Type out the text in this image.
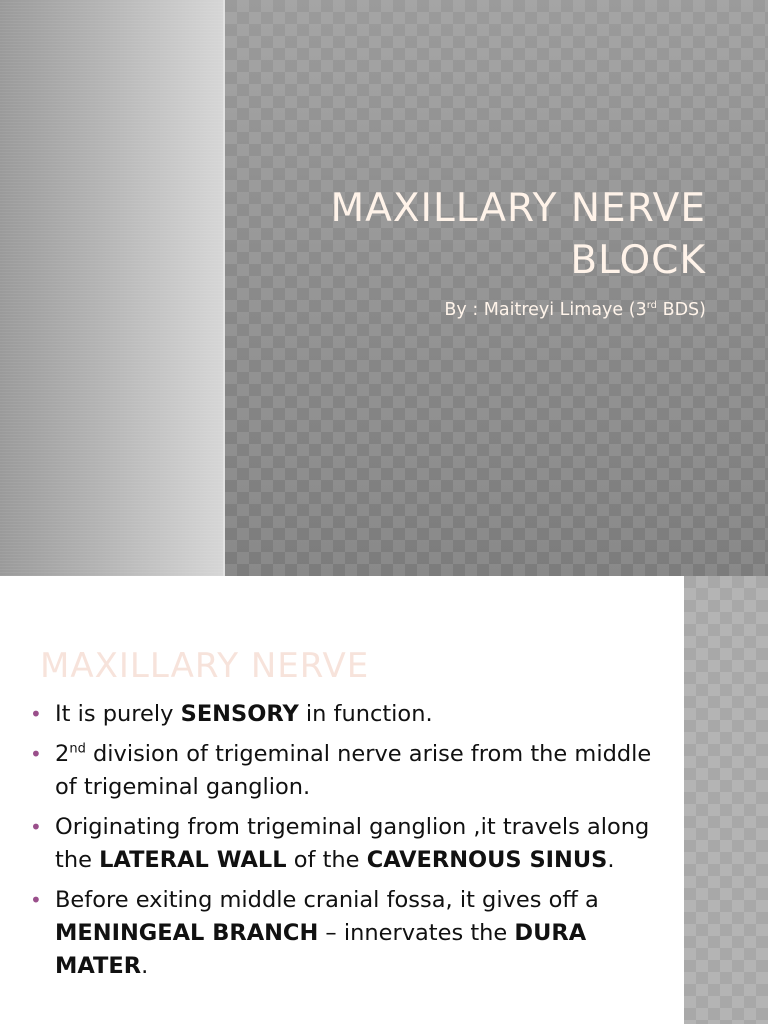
MAXILLARY NERVE
BLOCK
By : Maitreyi Limaye (3rd BDS)
MAXILLARY NERVE
• It is purely SENSORY in function.
• 2nd division of trigeminal nerve arise from the middle of trigeminal ganglion.
• Originating from trigeminal ganglion ,it travels along the LATERAL WALL of the CAVERNOUS SINUS.
• Before exiting middle cranial fossa, it gives off a MENINGEAL BRANCH – innervates the DURA MATER.
